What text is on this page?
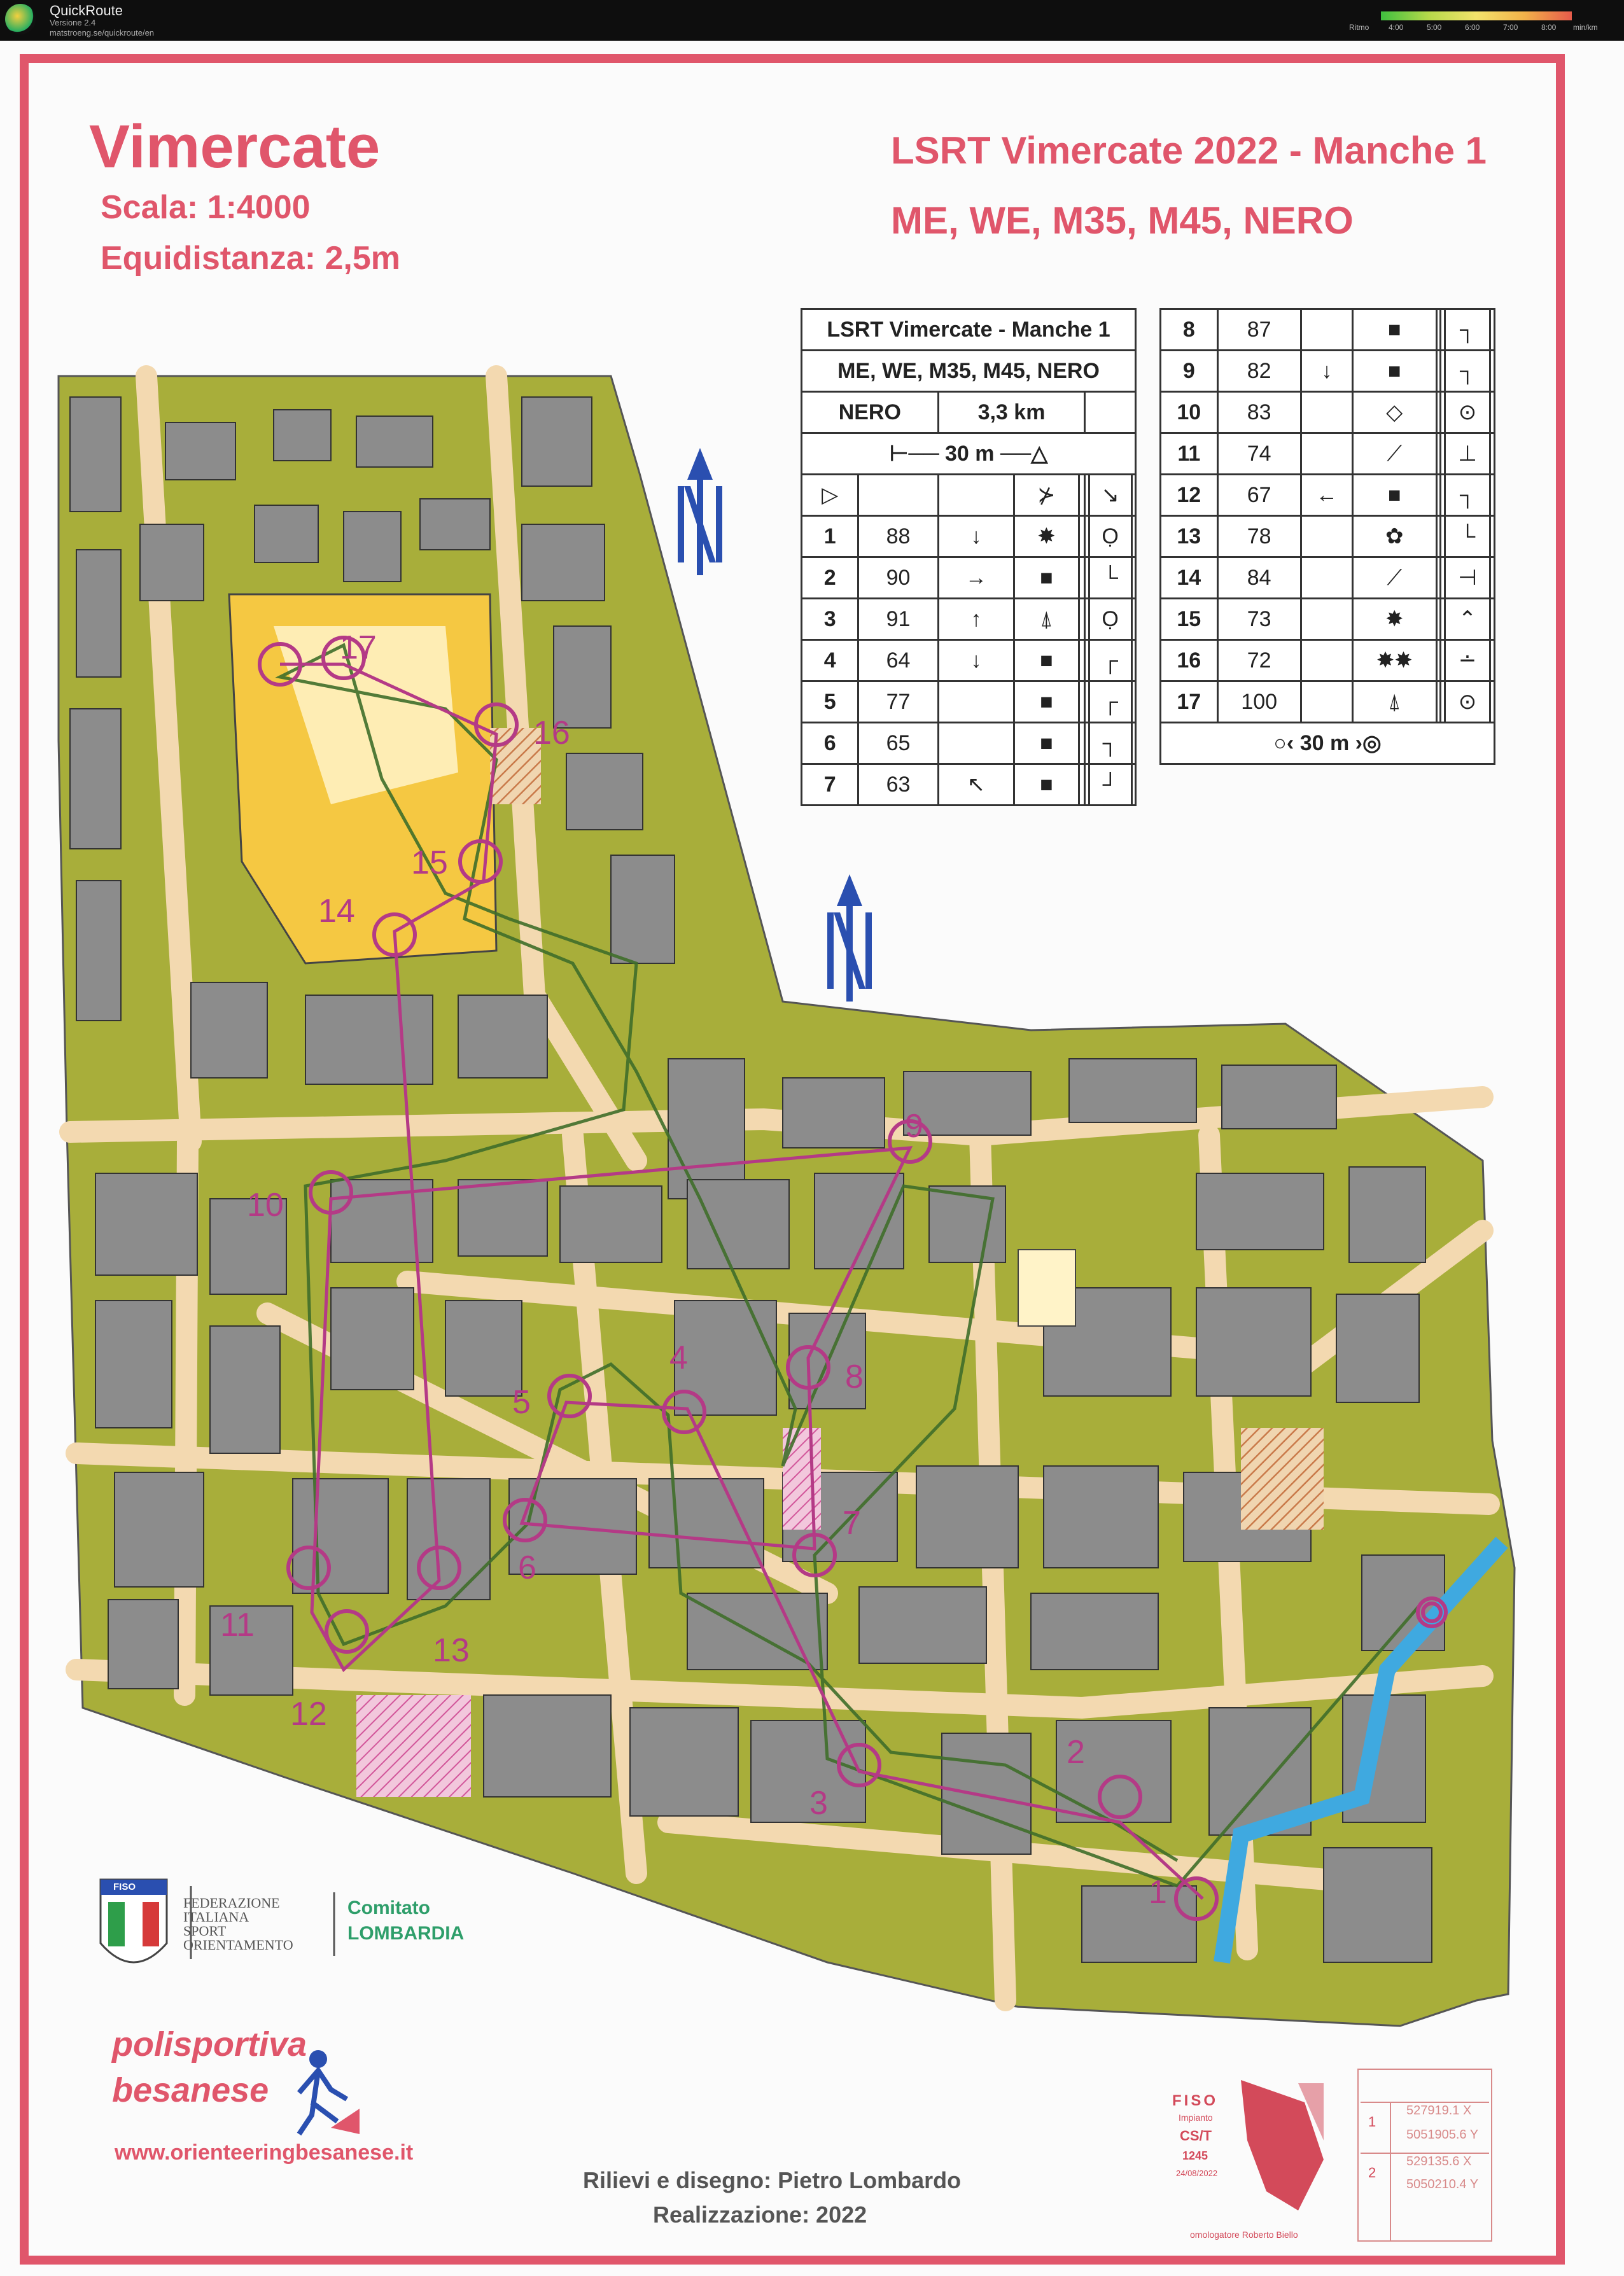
QuickRoute
Versione 2.4
matstroeng.se/quickroute/en
Ritmo	4:00	5:00	6:00	7:00	8:00 min/km
Vimercate
Scala: 1:4000
Equidistanza: 2,5m
LSRT Vimercate 2022 - Manche 1
ME, WE, M35, M45, NERO
LSRT Vimercate - Manche 1							
ME, WE, M35, M45, NERO							
NERO		3,3 km					
⊢── 30 m ──△							
▷			⊁			↘	
1	88	↓	✸			Ọ	
2	90	→	■			└	
3	91	↑	⍋			Ọ	
4	64	↓	■			┌	
5	77		■			┌	
6	65		■			┐	
7	63	↖	■			┘	
8	87		■			┐	
9	82	↓	■			┐	
10	83		◇			⊙	
11	74		⟋			⊥	
12	67	←	■			┐	
13	78		✿			└	
14	84		⟋			⊣	
15	73		✸			⌃	
16	72		✸✸			∸	
17	100		⍋			⊙	
○‹ 30 m ›◎							
1
2
3
4
5
6
7
8
9
10
11
12
13
14
15
16
17
FISO
FEDERAZIONE
ITALIANA
SPORT
ORIENTAMENTO
Comitato
LOMBARDIA
polisportiva
besanese
www.orienteeringbesanese.it
Rilievi e disegno: Pietro Lombardo
Realizzazione: 2022
FISO
Impianto
CS/T
1245
24/08/2022
omologatore Roberto Biello
1
527919.1 X
5051905.6 Y
2
529135.6 X
5050210.4 Y
